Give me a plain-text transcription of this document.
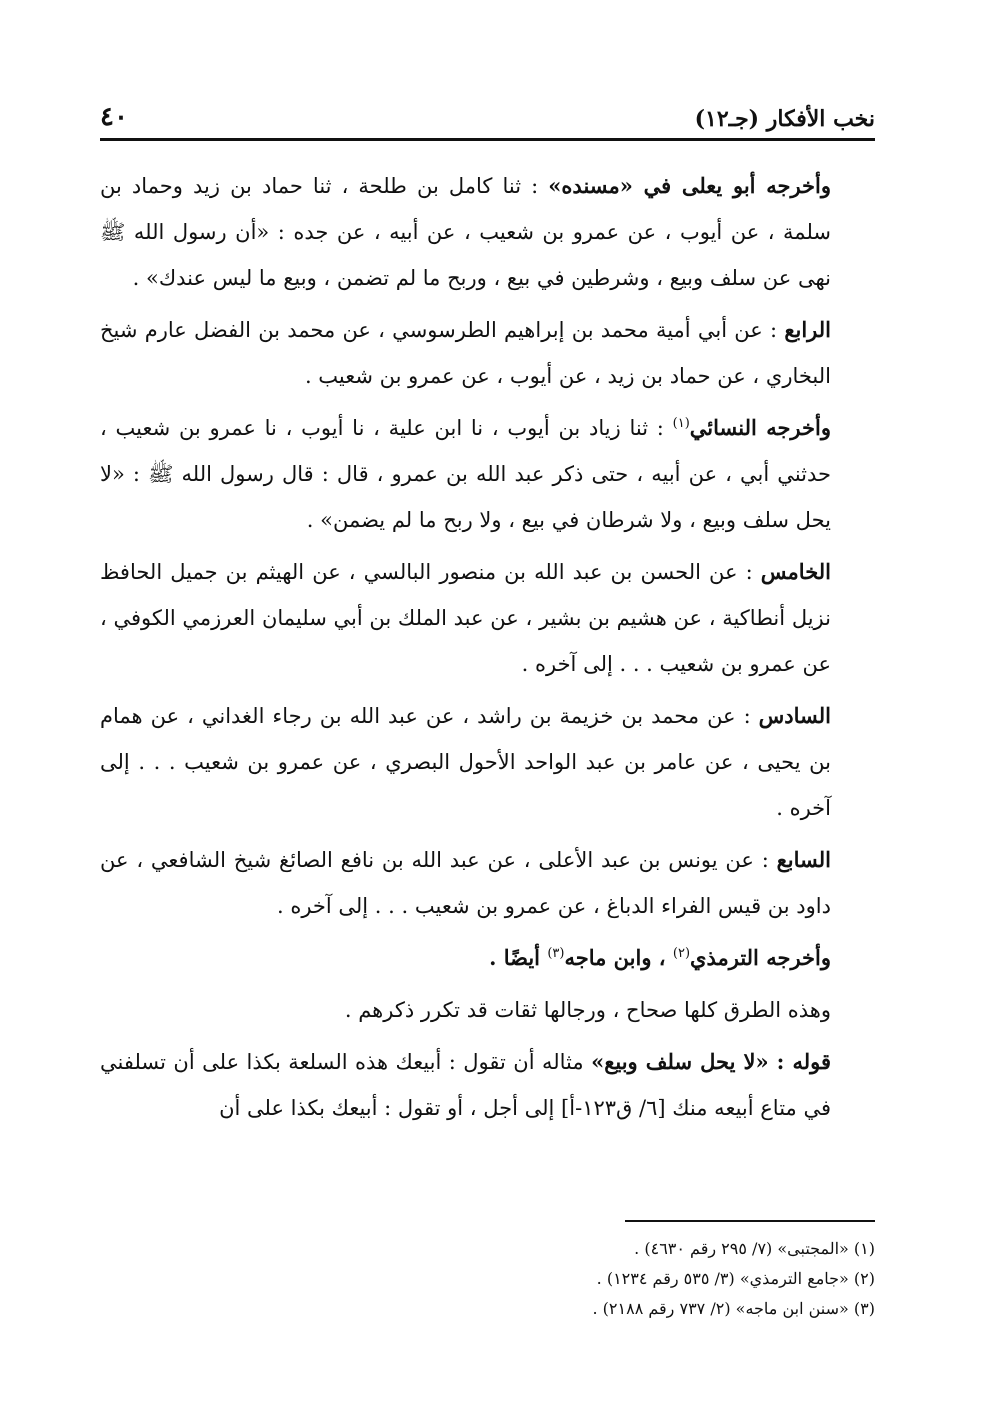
نخب الأفكار (جـ١٢)
٤٠

وأخرجه أبو يعلى في «مسنده» : ثنا كامل بن طلحة ، ثنا حماد بن زيد وحماد بن سلمة ، عن أيوب ، عن عمرو بن شعيب ، عن أبيه ، عن جده : «أن رسول الله ﷺ نهى عن سلف وبيع ، وشرطين في بيع ، وربح ما لم تضمن ، وبيع ما ليس عندك» .

الرابع : عن أبي أمية محمد بن إبراهيم الطرسوسي ، عن محمد بن الفضل عارم شيخ البخاري ، عن حماد بن زيد ، عن أيوب ، عن عمرو بن شعيب .

وأخرجه النسائي$^{(١)}$ : ثنا زياد بن أيوب ، نا ابن علية ، نا أيوب ، نا عمرو بن شعيب ، حدثني أبي ، عن أبيه ، حتى ذكر عبد الله بن عمرو ، قال : قال رسول الله ﷺ : «لا يحل سلف وبيع ، ولا شرطان في بيع ، ولا ربح ما لم يضمن» .

الخامس : عن الحسن بن عبد الله بن منصور البالسي ، عن الهيثم بن جميل الحافظ نزيل أنطاكية ، عن هشيم بن بشير ، عن عبد الملك بن أبي سليمان العرزمي الكوفي ، عن عمرو بن شعيب . . . إلى آخره .

السادس : عن محمد بن خزيمة بن راشد ، عن عبد الله بن رجاء الغداني ، عن همام بن يحيى ، عن عامر بن عبد الواحد الأحول البصري ، عن عمرو بن شعيب . . . إلى آخره .

السابع : عن يونس بن عبد الأعلى ، عن عبد الله بن نافع الصائغ شيخ الشافعي ، عن داود بن قيس الفراء الدباغ ، عن عمرو بن شعيب . . . إلى آخره .

وأخرجه الترمذي$^{(٢)}$ ، وابن ماجه$^{(٣)}$ أيضًا .

وهذه الطرق كلها صحاح ، ورجالها ثقات قد تكرر ذكرهم .

قوله : «لا يحل سلف وبيع» مثاله أن تقول : أبيعك هذه السلعة بكذا على أن تسلفني في متاع أبيعه منك [٦/ ق١٢٣-أ] إلى أجل ، أو تقول : أبيعك بكذا على أن

(١) «المجتبى» (٧/ ٢٩٥ رقم ٤٦٣٠) .

(٢) «جامع الترمذي» (٣/ ٥٣٥ رقم ١٢٣٤) .

(٣) «سنن ابن ماجه» (٢/ ٧٣٧ رقم ٢١٨٨) .
